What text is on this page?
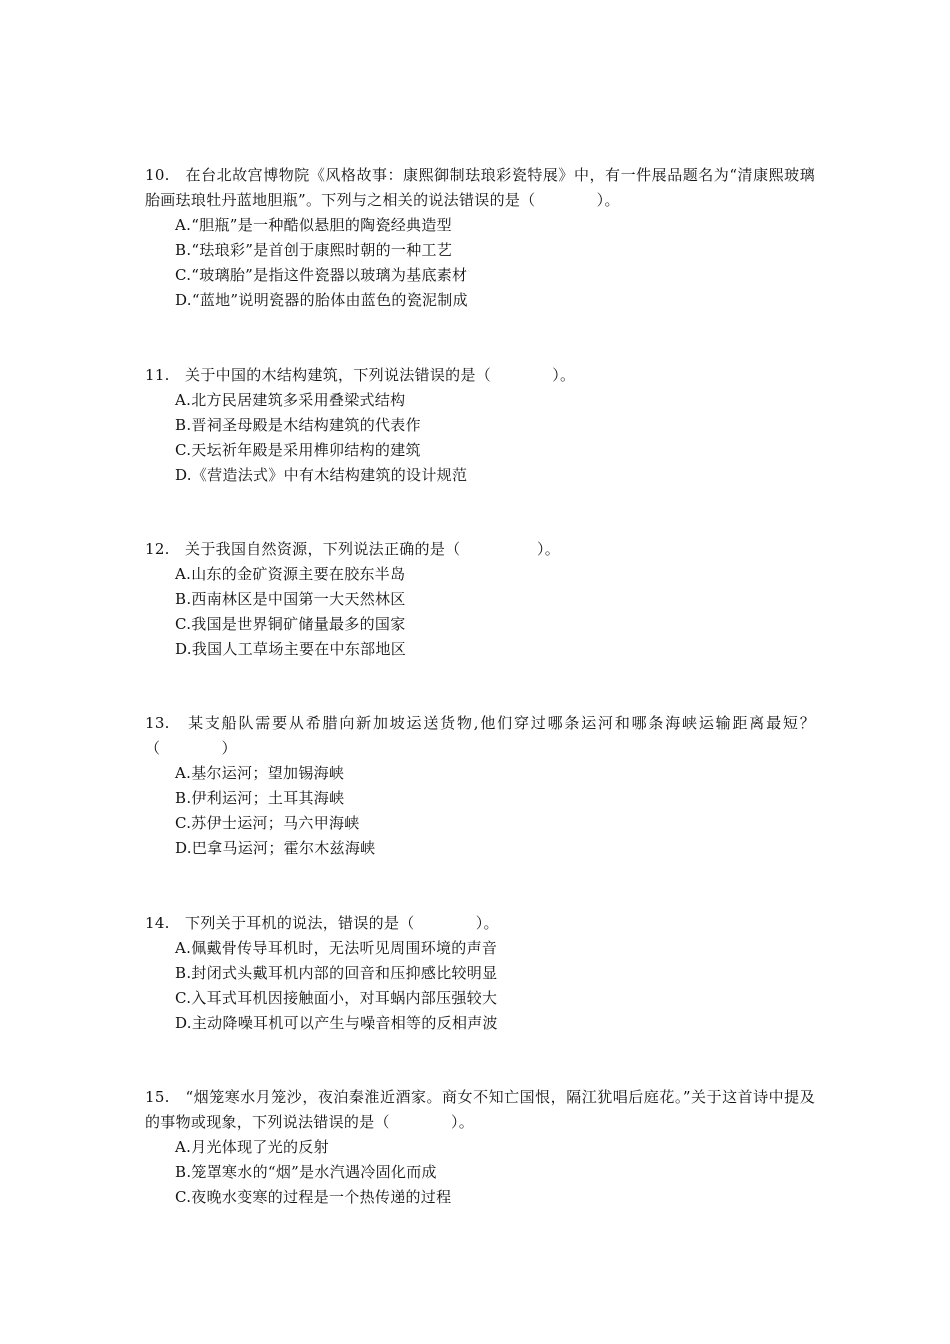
10.　在台北故宫博物院《风格故事：康熙御制珐琅彩瓷特展》中，有一件展品题名为“清康熙玻璃胎画珐琅牡丹蓝地胆瓶”。下列与之相关的说法错误的是（　　　　）。

A.“胆瓶”是一种酷似悬胆的陶瓷经典造型
B.“珐琅彩”是首创于康熙时朝的一种工艺
C.“玻璃胎”是指这件瓷器以玻璃为基底素材
D.“蓝地”说明瓷器的胎体由蓝色的瓷泥制成

11.　关于中国的木结构建筑，下列说法错误的是（　　　　）。

A.北方民居建筑多采用叠梁式结构
B.晋祠圣母殿是木结构建筑的代表作
C.天坛祈年殿是采用榫卯结构的建筑
D.《营造法式》中有木结构建筑的设计规范

12.　关于我国自然资源，下列说法正确的是（　　　　　）。

A.山东的金矿资源主要在胶东半岛
B.西南林区是中国第一大天然林区
C.我国是世界铜矿储量最多的国家
D.我国人工草场主要在中东部地区

13.　某支船队需要从希腊向新加坡运送货物,他们穿过哪条运河和哪条海峡运输距离最短？（　　　　）

A.基尔运河；望加锡海峡
B.伊利运河；土耳其海峡
C.苏伊士运河；马六甲海峡
D.巴拿马运河；霍尔木兹海峡

14.　下列关于耳机的说法，错误的是（　　　　）。

A.佩戴骨传导耳机时，无法听见周围环境的声音
B.封闭式头戴耳机内部的回音和压抑感比较明显
C.入耳式耳机因接触面小，对耳蜗内部压强较大
D.主动降噪耳机可以产生与噪音相等的反相声波

15.　“烟笼寒水月笼沙，夜泊秦淮近酒家。商女不知亡国恨，隔江犹唱后庭花。”关于这首诗中提及的事物或现象，下列说法错误的是（　　　　）。

A.月光体现了光的反射
B.笼罩寒水的“烟”是水汽遇冷固化而成
C.夜晚水变寒的过程是一个热传递的过程
